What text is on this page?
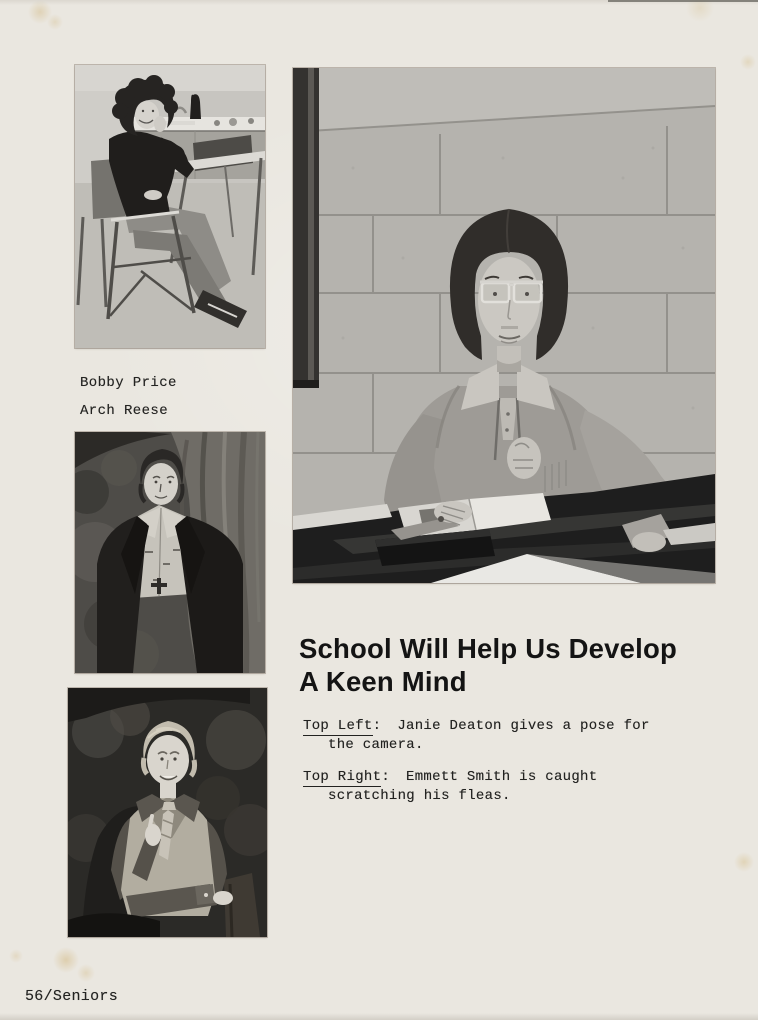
Bobby Price
Arch Reese
School Will Help Us Develop
A Keen Mind
Top Left: Janie Deaton gives a pose for
the camera.
Top Right: Emmett Smith is caught
scratching his fleas.
56/Seniors
